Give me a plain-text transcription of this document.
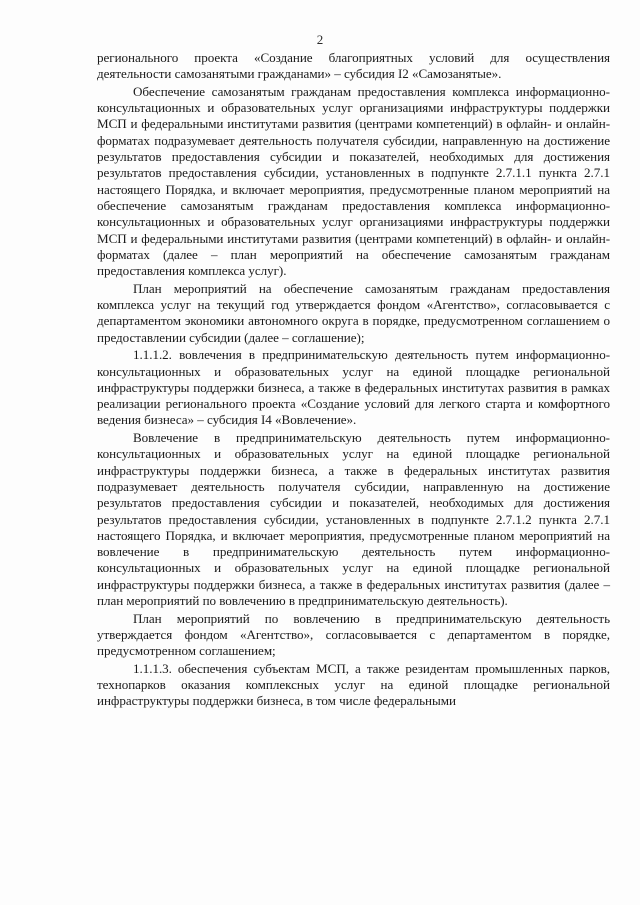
2

регионального проекта «Создание благоприятных условий для осуществления деятельности самозанятыми гражданами» – субсидия I2 «Самозанятые».

Обеспечение самозанятым гражданам предоставления комплекса информационно-консультационных и образовательных услуг организациями инфраструктуры поддержки МСП и федеральными институтами развития (центрами компетенций) в офлайн- и онлайн-форматах подразумевает деятельность получателя субсидии, направленную на достижение результатов предоставления субсидии и показателей, необходимых для достижения результатов предоставления субсидии, установленных в подпункте 2.7.1.1 пункта 2.7.1 настоящего Порядка, и включает мероприятия, предусмотренные планом мероприятий на обеспечение самозанятым гражданам предоставления комплекса информационно-консультационных и образовательных услуг организациями инфраструктуры поддержки МСП и федеральными институтами развития (центрами компетенций) в офлайн- и онлайн-форматах (далее – план мероприятий на обеспечение самозанятым гражданам предоставления комплекса услуг).

План мероприятий на обеспечение самозанятым гражданам предоставления комплекса услуг на текущий год утверждается фондом «Агентство», согласовывается с департаментом экономики автономного округа в порядке, предусмотренном соглашением о предоставлении субсидии (далее – соглашение);

1.1.1.2. вовлечения в предпринимательскую деятельность путем информационно-консультационных и образовательных услуг на единой площадке региональной инфраструктуры поддержки бизнеса, а также в федеральных институтах развития в рамках реализации регионального проекта «Создание условий для легкого старта и комфортного ведения бизнеса» – субсидия I4 «Вовлечение».

Вовлечение в предпринимательскую деятельность путем информационно-консультационных и образовательных услуг на единой площадке региональной инфраструктуры поддержки бизнеса, а также в федеральных институтах развития подразумевает деятельность получателя субсидии, направленную на достижение результатов предоставления субсидии и показателей, необходимых для достижения результатов предоставления субсидии, установленных в подпункте 2.7.1.2 пункта 2.7.1 настоящего Порядка, и включает мероприятия, предусмотренные планом мероприятий на вовлечение в предпринимательскую деятельность путем информационно-консультационных и образовательных услуг на единой площадке региональной инфраструктуры поддержки бизнеса, а также в федеральных институтах развития (далее – план мероприятий по вовлечению в предпринимательскую деятельность).

План мероприятий по вовлечению в предпринимательскую деятельность утверждается фондом «Агентство», согласовывается с департаментом в порядке, предусмотренном соглашением;

1.1.1.3. обеспечения субъектам МСП, а также резидентам промышленных парков, технопарков оказания комплексных услуг на единой площадке региональной инфраструктуры поддержки бизнеса, в том числе федеральными
